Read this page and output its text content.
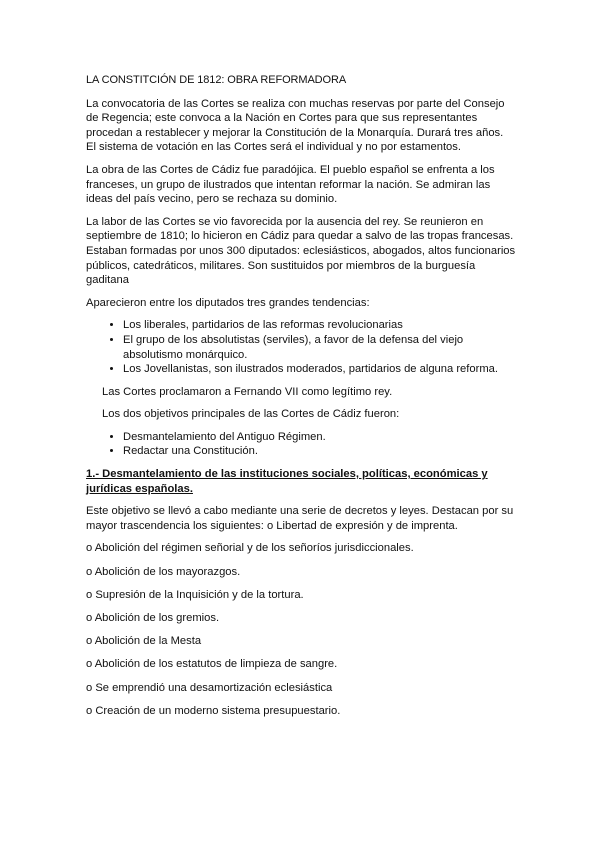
LA CONSTITCIÓN DE 1812: OBRA REFORMADORA

La convocatoria de las Cortes se realiza con muchas reservas por parte del Consejo de Regencia; este convoca a la Nación en Cortes para que sus representantes procedan a restablecer y mejorar la Constitución de la Monarquía. Durará tres años. El sistema de votación en las Cortes será el individual y no por estamentos.

La obra de las Cortes de Cádiz fue paradójica. El pueblo español se enfrenta a los franceses, un grupo de ilustrados que intentan reformar la nación. Se admiran las ideas del país vecino, pero se rechaza su dominio.

La labor de las Cortes se vio favorecida por la ausencia del rey. Se reunieron en septiembre de 1810; lo hicieron en Cádiz para quedar a salvo de las tropas francesas. Estaban formadas por unos 300 diputados: eclesiásticos, abogados, altos funcionarios públicos, catedráticos, militares. Son sustituidos por miembros de la burguesía gaditana

Aparecieron entre los diputados tres grandes tendencias:

• Los liberales, partidarios de las reformas revolucionarias
• El grupo de los absolutistas (serviles), a favor de la defensa del viejo absolutismo monárquico.
• Los Jovellanistas, son ilustrados moderados, partidarios de alguna reforma.

Las Cortes proclamaron a Fernando VII como legítimo rey.

Los dos objetivos principales de las Cortes de Cádiz fueron:

• Desmantelamiento del Antiguo Régimen.
• Redactar una Constitución.
1.- Desmantelamiento de las instituciones sociales, políticas, económicas y jurídicas españolas.

Este objetivo se llevó a cabo mediante una serie de decretos y leyes. Destacan por su mayor trascendencia los siguientes: o Libertad de expresión y de imprenta.

o Abolición del régimen señorial y de los señoríos jurisdiccionales.
o Abolición de los mayorazgos.
o Supresión de la Inquisición y de la tortura.
o Abolición de los gremios.
o Abolición de la Mesta
o Abolición de los estatutos de limpieza de sangre.
o Se emprendió una desamortización eclesiástica
o Creación de un moderno sistema presupuestario.
